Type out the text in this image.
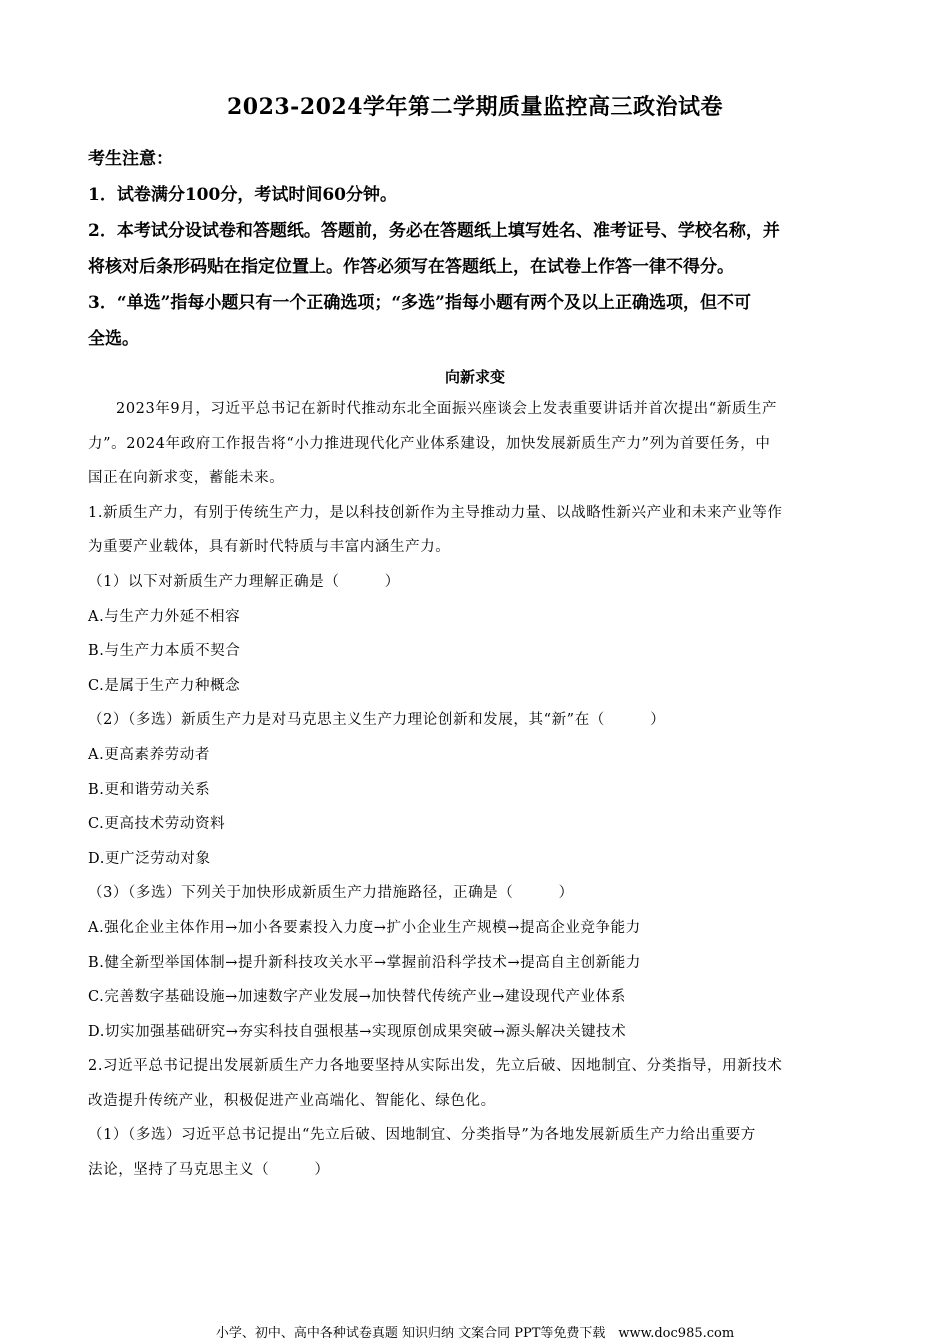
2023-2024学年第二学期质量监控高三政治试卷
考生注意：
1．试卷满分100分，考试时间60分钟。
2．本考试分设试卷和答题纸。答题前，务必在答题纸上填写姓名、准考证号、学校名称，并
将核对后条形码贴在指定位置上。作答必须写在答题纸上，在试卷上作答一律不得分。
3．“单选”指每小题只有一个正确选项；“多选”指每小题有两个及以上正确选项，但不可
全选。
向新求变
2023年9月，习近平总书记在新时代推动东北全面振兴座谈会上发表重要讲话并首次提出“新质生产
力”。2024年政府工作报告将“小力推进现代化产业体系建设，加快发展新质生产力”列为首要任务，中
国正在向新求变，蓄能未来。
1.新质生产力，有别于传统生产力，是以科技创新作为主导推动力量、以战略性新兴产业和未来产业等作
为重要产业载体，具有新时代特质与丰富内涵生产力。
（1）以下对新质生产力理解正确是（　　　）
A.与生产力外延不相容
B.与生产力本质不契合
C.是属于生产力种概念
（2）（多选）新质生产力是对马克思主义生产力理论创新和发展，其“新”在（　　　）
A.更高素养劳动者
B.更和谐劳动关系
C.更高技术劳动资料
D.更广泛劳动对象
（3）（多选）下列关于加快形成新质生产力措施路径，正确是（　　　）
A.强化企业主体作用→加小各要素投入力度→扩小企业生产规模→提高企业竞争能力
B.健全新型举国体制→提升新科技攻关水平→掌握前沿科学技术→提高自主创新能力
C.完善数字基础设施→加速数字产业发展→加快替代传统产业→建设现代产业体系
D.切实加强基础研究→夯实科技自强根基→实现原创成果突破→源头解决关键技术
2.习近平总书记提出发展新质生产力各地要坚持从实际出发，先立后破、因地制宜、分类指导，用新技术
改造提升传统产业，积极促进产业高端化、智能化、绿色化。
（1）（多选）习近平总书记提出“先立后破、因地制宜、分类指导”为各地发展新质生产力给出重要方
法论，坚持了马克思主义（　　　）
小学、初中、高中各种试卷真题 知识归纳 文案合同 PPT等免费下载　www.doc985.com
